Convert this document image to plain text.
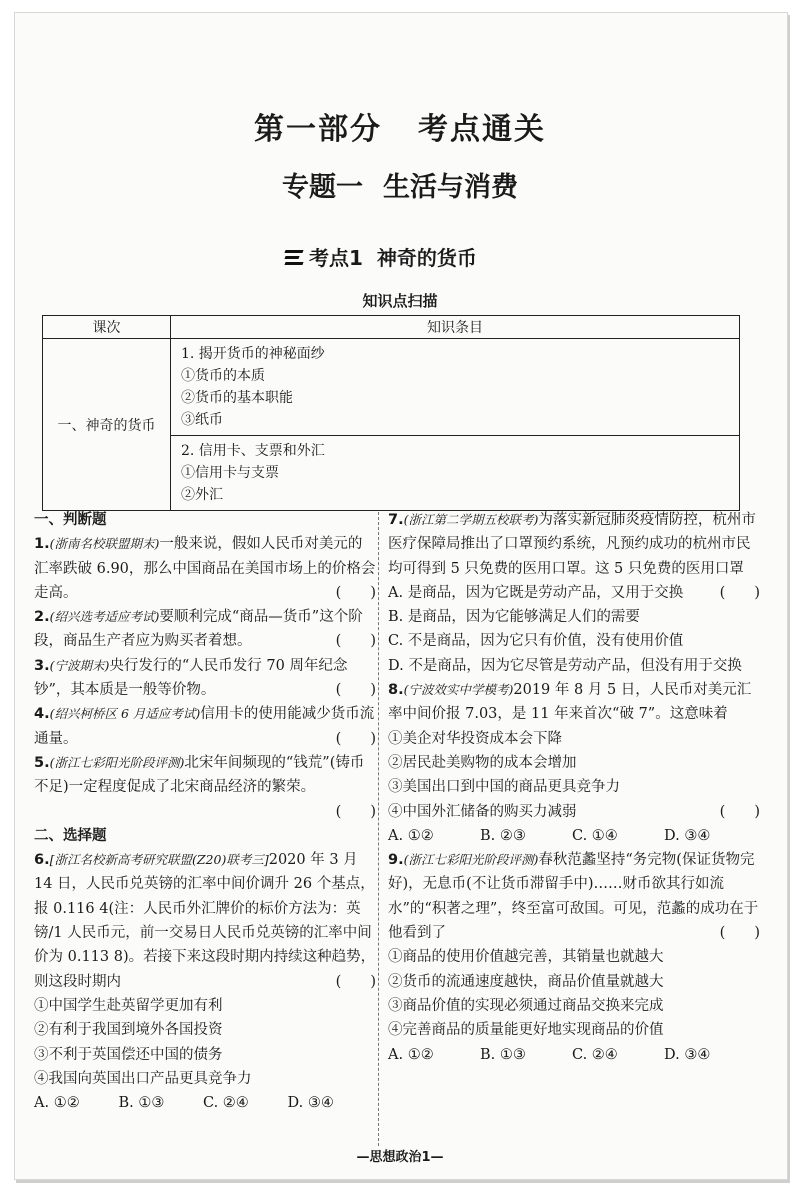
第一部分 考点通关
专题一 生活与消费
考点1 神奇的货币
知识点扫描
课次	知识条目
一、神奇的货币	1. 揭开货币的神秘面纱
①货币的本质
②货币的基本职能
③纸币

	2. 信用卡、支票和外汇
①信用卡与支票
②外汇
一、判断题

1.(浙南名校联盟期末)一般来说，假如人民币对美元的汇率跌破 6.90，那么中国商品在美国市场上的价格会走高。	(　　)

2.(绍兴选考适应考试)要顺利完成“商品—货币”这个阶段，商品生产者应为购买者着想。	(　　)

3.(宁波期末)央行发行的“人民币发行 70 周年纪念钞”，其本质是一般等价物。	(　　)

4.(绍兴柯桥区 6 月适应考试)信用卡的使用能减少货币流通量。	(　　)

5.(浙江七彩阳光阶段评测)北宋年间频现的“钱荒”(铸币不足)一定程度促成了北宋商品经济的繁荣。

(　　)
二、选择题

6.[浙江名校新高考研究联盟(Z20)联考三]2020 年 3 月 14 日，人民币兑英镑的汇率中间价调升 26 个基点，报 0.116 4(注：人民币外汇牌价的标价方法为：英镑/1 人民币元，前一交易日人民币兑英镑的汇率中间价为 0.113 8)。若接下来这段时期内持续这种趋势，则这段时期内	(　　)

①中国学生赴英留学更加有利
②有利于我国到境外各国投资
③不利于英国偿还中国的债务
④我国向英国出口产品更具竞争力
A. ①②	B. ①③	C. ②④	D. ③④

7.(浙江第二学期五校联考)为落实新冠肺炎疫情防控，杭州市医疗保障局推出了口罩预约系统，凡预约成功的杭州市民均可得到 5 只免费的医用口罩。这 5 只免费的医用口罩
(　　)

A. 是商品，因为它既是劳动产品，又用于交换
B. 是商品，因为它能够满足人们的需要
C. 不是商品，因为它只有价值，没有使用价值
D. 不是商品，因为它尽管是劳动产品，但没有用于交换

8.(宁波效实中学模考)2019 年 8 月 5 日，人民币对美元汇率中间价报 7.03，是 11 年来首次“破 7”。这意味着

①美企对华投资成本会下降
②居民赴美购物的成本会增加
③美国出口到中国的商品更具竞争力
④中国外汇储备的购买力减弱	(　　)
A. ①②	B. ②③	C. ①④	D. ③④

9.(浙江七彩阳光阶段评测)春秋范蠡坚持“务完物(保证货物完好)，无息币(不让货币滞留手中)……财币欲其行如流水”的“积著之理”，终至富可敌国。可见，范蠡的成功在于他看到了	(　　)

①商品的使用价值越完善，其销量也就越大
②货币的流通速度越快，商品价值量就越大
③商品价值的实现必须通过商品交换来完成
④完善商品的质量能更好地实现商品的价值
A. ①②	B. ①③	C. ②④	D. ③④
—思想政治1—
